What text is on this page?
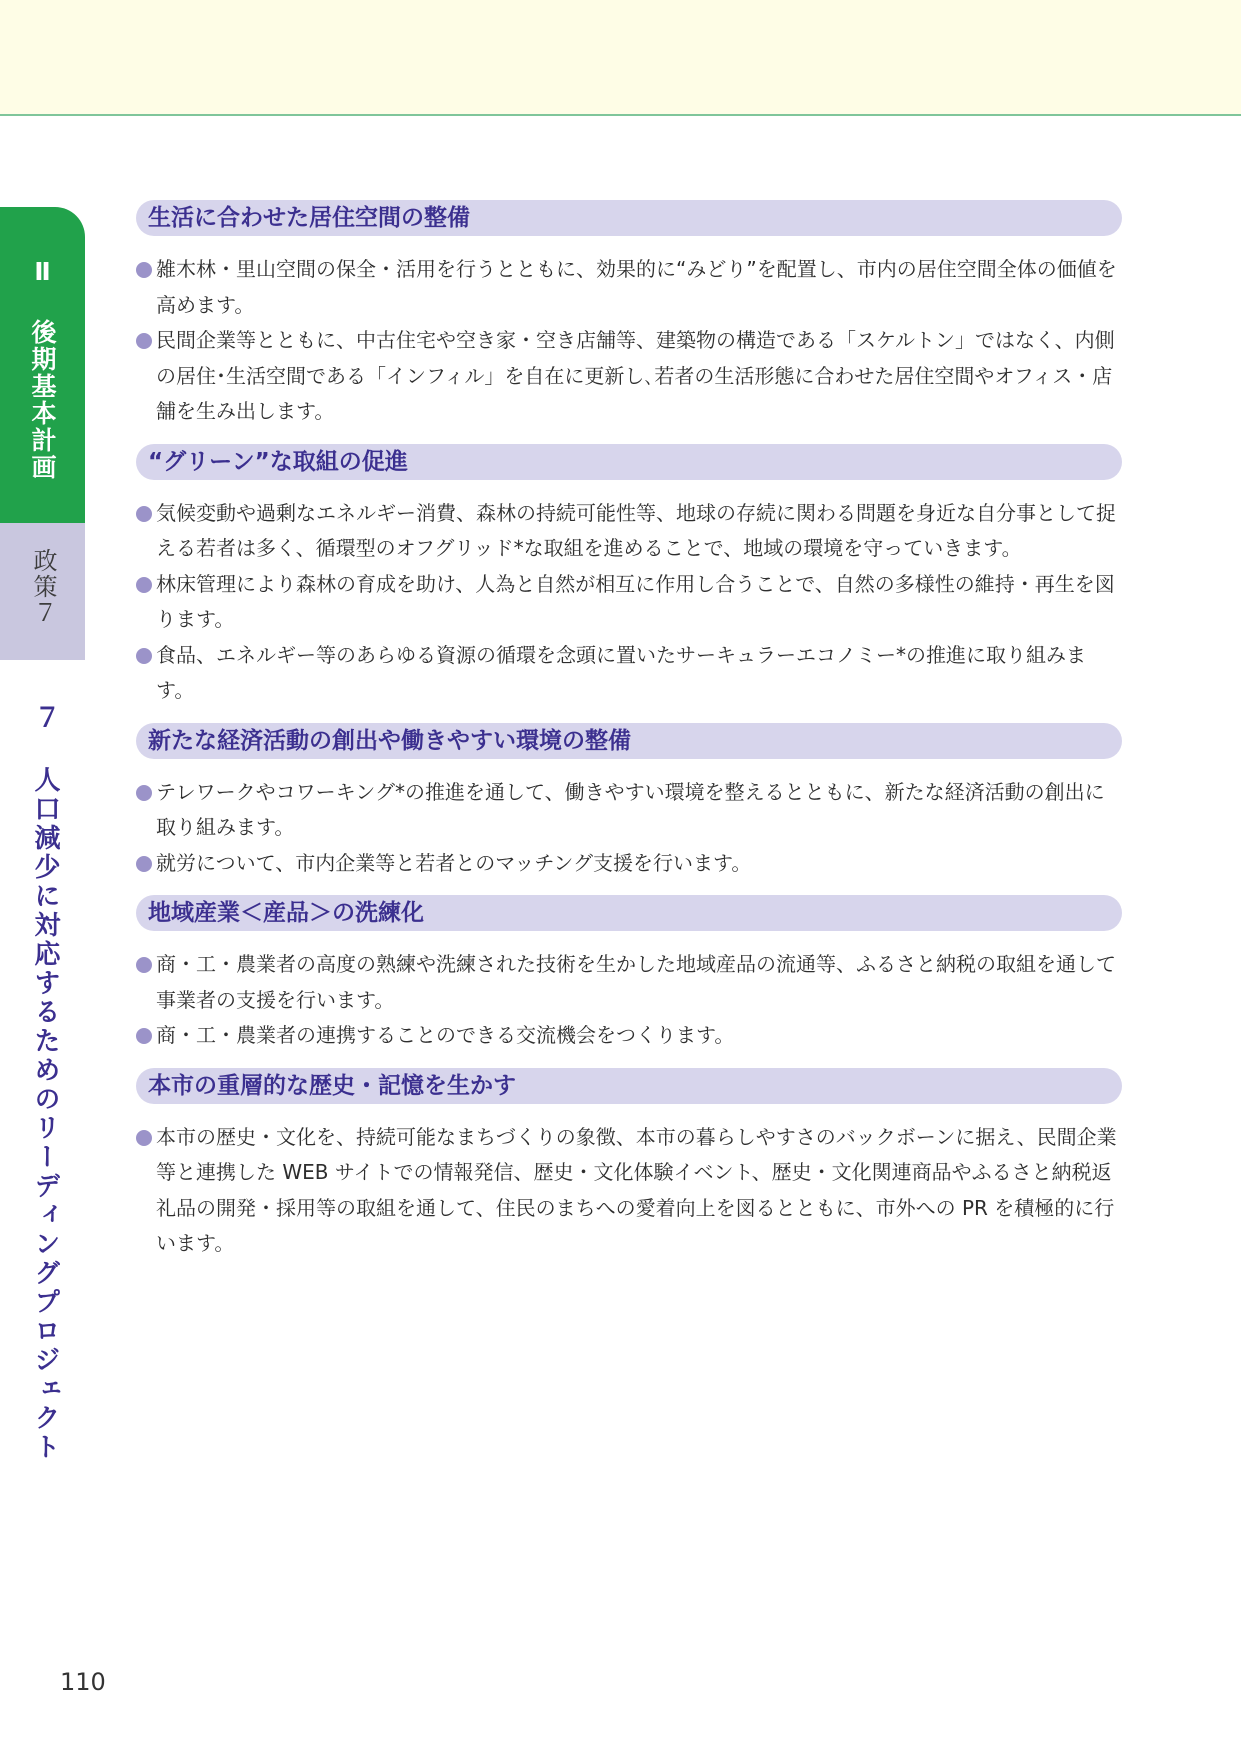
Ⅱ 後期基本計画
政策７
７ 人口減少に対応するためのリーディングプロジェクト
生活に合わせた居住空間の整備
雑木林・里山空間の保全・活用を行うとともに、効果的に“みどり”を配置し、市内の居住空間全体の価値を高めます。
民間企業等とともに、中古住宅や空き家・空き店舗等、建築物の構造である「スケルトン」ではなく、内側の居住･生活空間である「インフィル」を自在に更新し､若者の生活形態に合わせた居住空間やオフィス・店舗を生み出します。
“グリーン”な取組の促進
気候変動や過剰なエネルギー消費、森林の持続可能性等、地球の存続に関わる問題を身近な自分事として捉える若者は多く、循環型のオフグリッド*な取組を進めることで、地域の環境を守っていきます。
林床管理により森林の育成を助け、人為と自然が相互に作用し合うことで、自然の多様性の維持・再生を図ります。
食品、エネルギー等のあらゆる資源の循環を念頭に置いたサーキュラーエコノミー*の推進に取り組みます。
新たな経済活動の創出や働きやすい環境の整備
テレワークやコワーキング*の推進を通して、働きやすい環境を整えるとともに、新たな経済活動の創出に取り組みます。
就労について、市内企業等と若者とのマッチング支援を行います。
地域産業＜産品＞の洗練化
商・工・農業者の高度の熟練や洗練された技術を生かした地域産品の流通等、ふるさと納税の取組を通して事業者の支援を行います。
商・工・農業者の連携することのできる交流機会をつくります。
本市の重層的な歴史・記憶を生かす
本市の歴史・文化を、持続可能なまちづくりの象徴、本市の暮らしやすさのバックボーンに据え、民間企業等と連携した WEB サイトでの情報発信、歴史・文化体験イベント、歴史・文化関連商品やふるさと納税返礼品の開発・採用等の取組を通して、住民のまちへの愛着向上を図るとともに、市外への PR を積極的に行います。
110
